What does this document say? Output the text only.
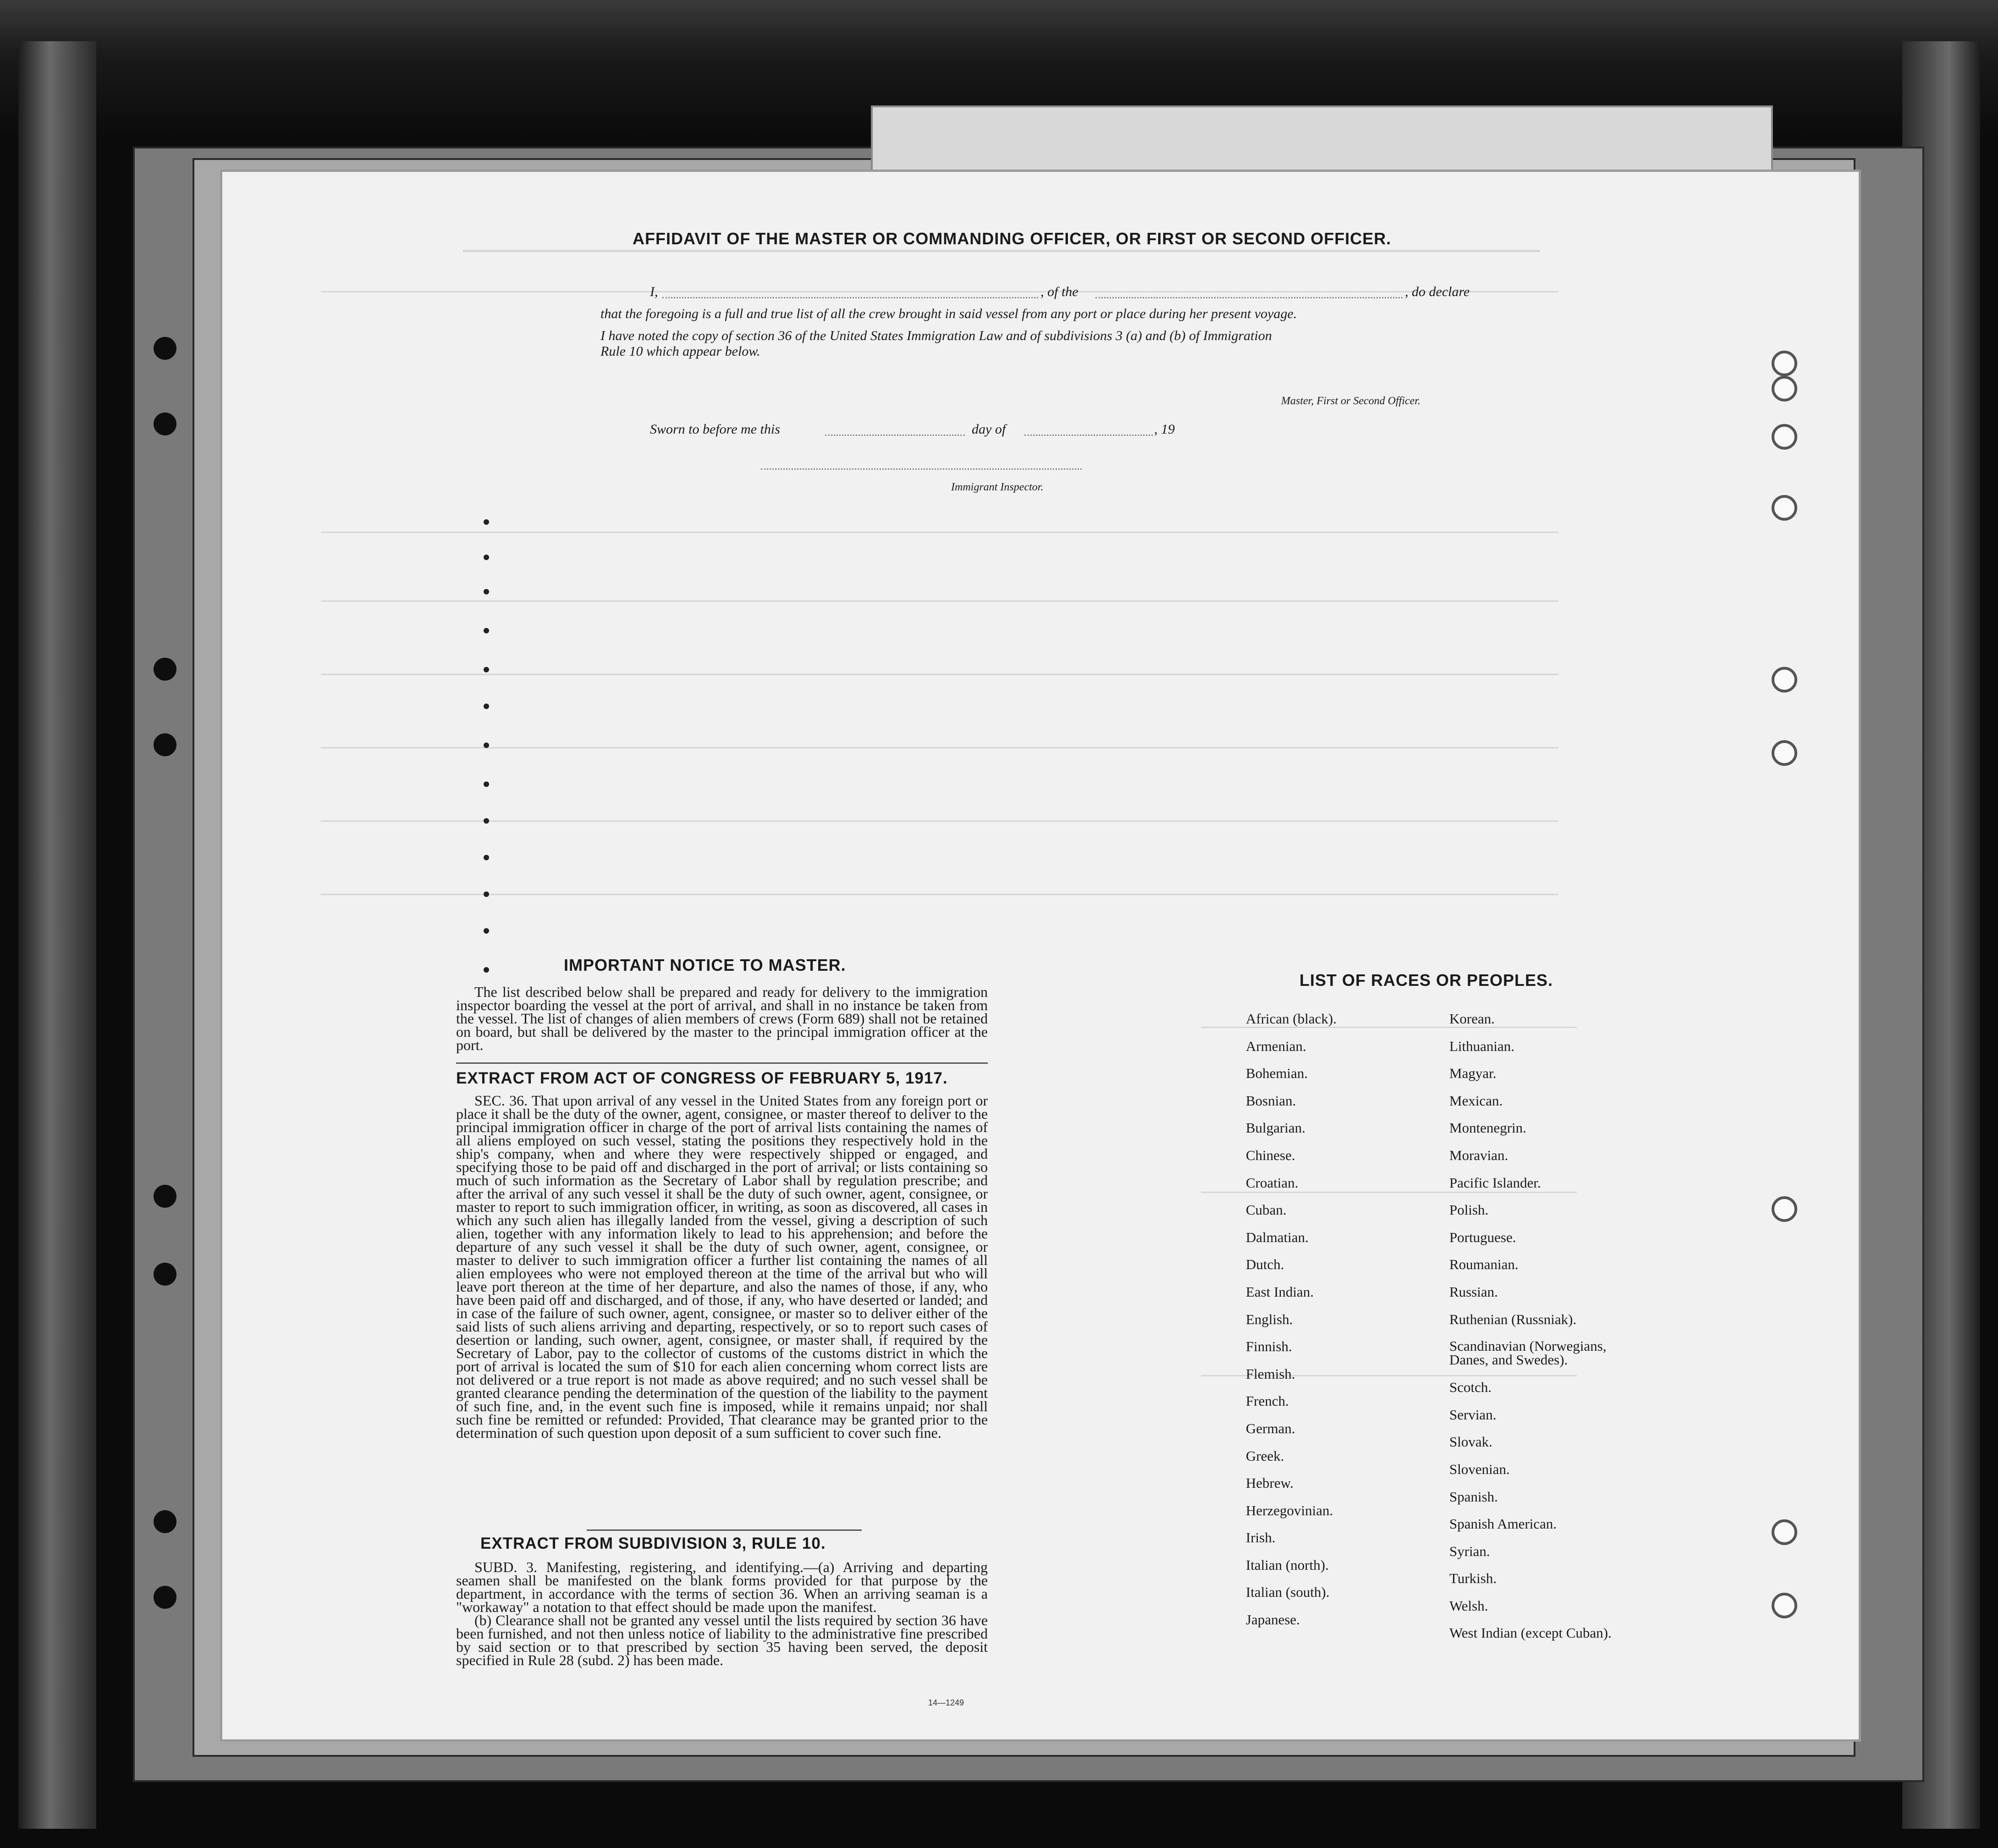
AFFIDAVIT OF THE MASTER OR COMMANDING OFFICER, OR FIRST OR SECOND OFFICER.
I,	, of the	, do declare
that the foregoing is a full and true list of all the crew brought in said vessel from any port or place during her present voyage.
I have noted the copy of section 36 of the United States Immigration Law and of subdivisions 3 (a) and (b) of Immigration
Rule 10 which appear below.
Master, First or Second Officer.
Sworn to before me this	day of	, 19
Immigrant Inspector.
IMPORTANT NOTICE TO MASTER.

The list described below shall be prepared and ready for delivery to the immigration inspector boarding the vessel at the port of arrival, and shall in no instance be taken from the vessel. The list of changes of alien members of crews (Form 689) shall not be retained on board, but shall be delivered by the master to the principal immigration officer at the port.

EXTRACT FROM ACT OF CONGRESS OF FEBRUARY 5, 1917.

SEC. 36. That upon arrival of any vessel in the United States from any foreign port or place it shall be the duty of the owner, agent, consignee, or master thereof to deliver to the principal immigration officer in charge of the port of arrival lists containing the names of all aliens employed on such vessel, stating the positions they respectively hold in the ship's company, when and where they were respectively shipped or engaged, and specifying those to be paid off and discharged in the port of arrival; or lists containing so much of such information as the Secretary of Labor shall by regulation prescribe; and after the arrival of any such vessel it shall be the duty of such owner, agent, consignee, or master to report to such immigration officer, in writing, as soon as discovered, all cases in which any such alien has illegally landed from the vessel, giving a description of such alien, together with any information likely to lead to his apprehension; and before the departure of any such vessel it shall be the duty of such owner, agent, consignee, or master to deliver to such immigration officer a further list containing the names of all alien employees who were not employed thereon at the time of the arrival but who will leave port thereon at the time of her departure, and also the names of those, if any, who have been paid off and discharged, and of those, if any, who have deserted or landed; and in case of the failure of such owner, agent, consignee, or master so to deliver either of the said lists of such aliens arriving and departing, respectively, or so to report such cases of desertion or landing, such owner, agent, consignee, or master shall, if required by the Secretary of Labor, pay to the collector of customs of the customs district in which the port of arrival is located the sum of $10 for each alien concerning whom correct lists are not delivered or a true report is not made as above required; and no such vessel shall be granted clearance pending the determination of the question of the liability to the payment of such fine, and, in the event such fine is imposed, while it remains unpaid; nor shall such fine be remitted or refunded: Provided, That clearance may be granted prior to the determination of such question upon deposit of a sum sufficient to cover such fine.

EXTRACT FROM SUBDIVISION 3, RULE 10.

SUBD. 3. Manifesting, registering, and identifying.—(a) Arriving and departing seamen shall be manifested on the blank forms provided for that purpose by the department, in accordance with the terms of section 36. When an arriving seaman is a "workaway" a notation to that effect should be made upon the manifest.

(b) Clearance shall not be granted any vessel until the lists required by section 36 have been furnished, and not then unless notice of liability to the administrative fine prescribed by said section or to that prescribed by section 35 having been served, the deposit specified in Rule 28 (subd. 2) has been made.

14—1249
LIST OF RACES OR PEOPLES.
African (black).
Armenian.
Bohemian.
Bosnian.
Bulgarian.
Chinese.
Croatian.
Cuban.
Dalmatian.
Dutch.
East Indian.
English.
Finnish.
Flemish.
French.
German.
Greek.
Hebrew.
Herzegovinian.
Irish.
Italian (north).
Italian (south).
Japanese.
Korean.
Lithuanian.
Magyar.
Mexican.
Montenegrin.
Moravian.
Pacific Islander.
Polish.
Portuguese.
Roumanian.
Russian.
Ruthenian (Russniak).
Scandinavian (Norwegians, Danes, and Swedes).
Scotch.
Servian.
Slovak.
Slovenian.
Spanish.
Spanish American.
Syrian.
Turkish.
Welsh.
West Indian (except Cuban).
